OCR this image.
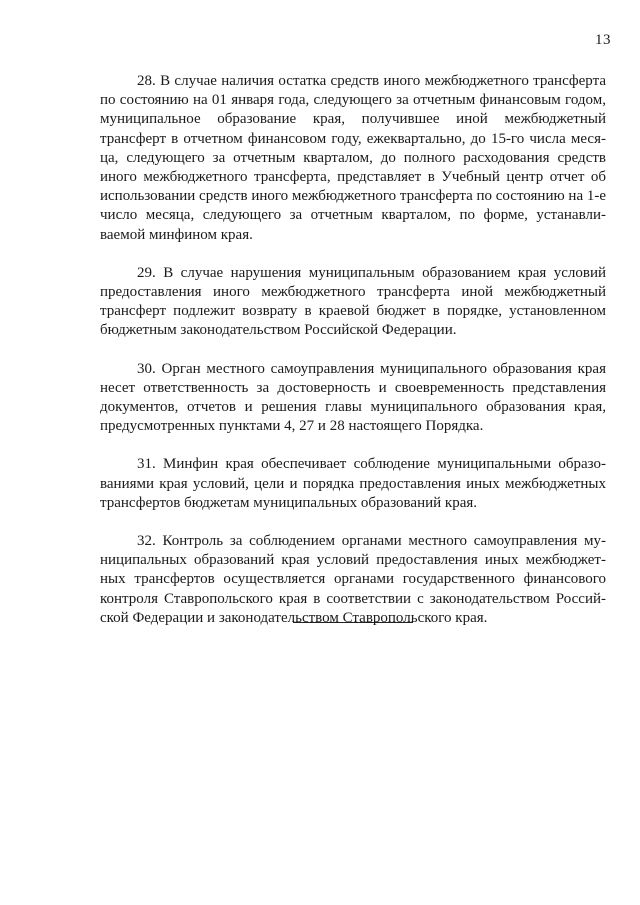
13

28. В случае наличия остатка средств иного межбюджетного трансферта по состоянию на 01 января года, следующего за отчетным финансовым годом, муниципальное образование края, получившее иной межбюджетный трансферт в отчетном финансовом году, ежеквартально, до 15-го числа месяца, следующего за отчетным кварталом, до полного расходования средств иного межбюджетного трансферта, представляет в Учебный центр отчет об использовании средств иного межбюджетного трансферта по состоянию на 1-е число месяца, следующего за отчетным кварталом, по форме, устанавливаемой минфином края.

29. В случае нарушения муниципальным образованием края условий предоставления иного межбюджетного трансферта иной межбюджетный трансферт подлежит возврату в краевой бюджет в порядке, установленном бюджетным законодательством Российской Федерации.

30. Орган местного самоуправления муниципального образования края несет ответственность за достоверность и своевременность представления документов, отчетов и решения главы муниципального образования края, предусмотренных пунктами 4, 27 и 28 настоящего Порядка.

31. Минфин края обеспечивает соблюдение муниципальными образованиями края условий, цели и порядка предоставления иных межбюджетных трансфертов бюджетам муниципальных образований края.

32. Контроль за соблюдением органами местного самоуправления муниципальных образований края условий предоставления иных межбюджетных трансфертов осуществляется органами государственного финансового контроля Ставропольского края в соответствии с законодательством Российской Федерации и законодательством Ставропольского края.
